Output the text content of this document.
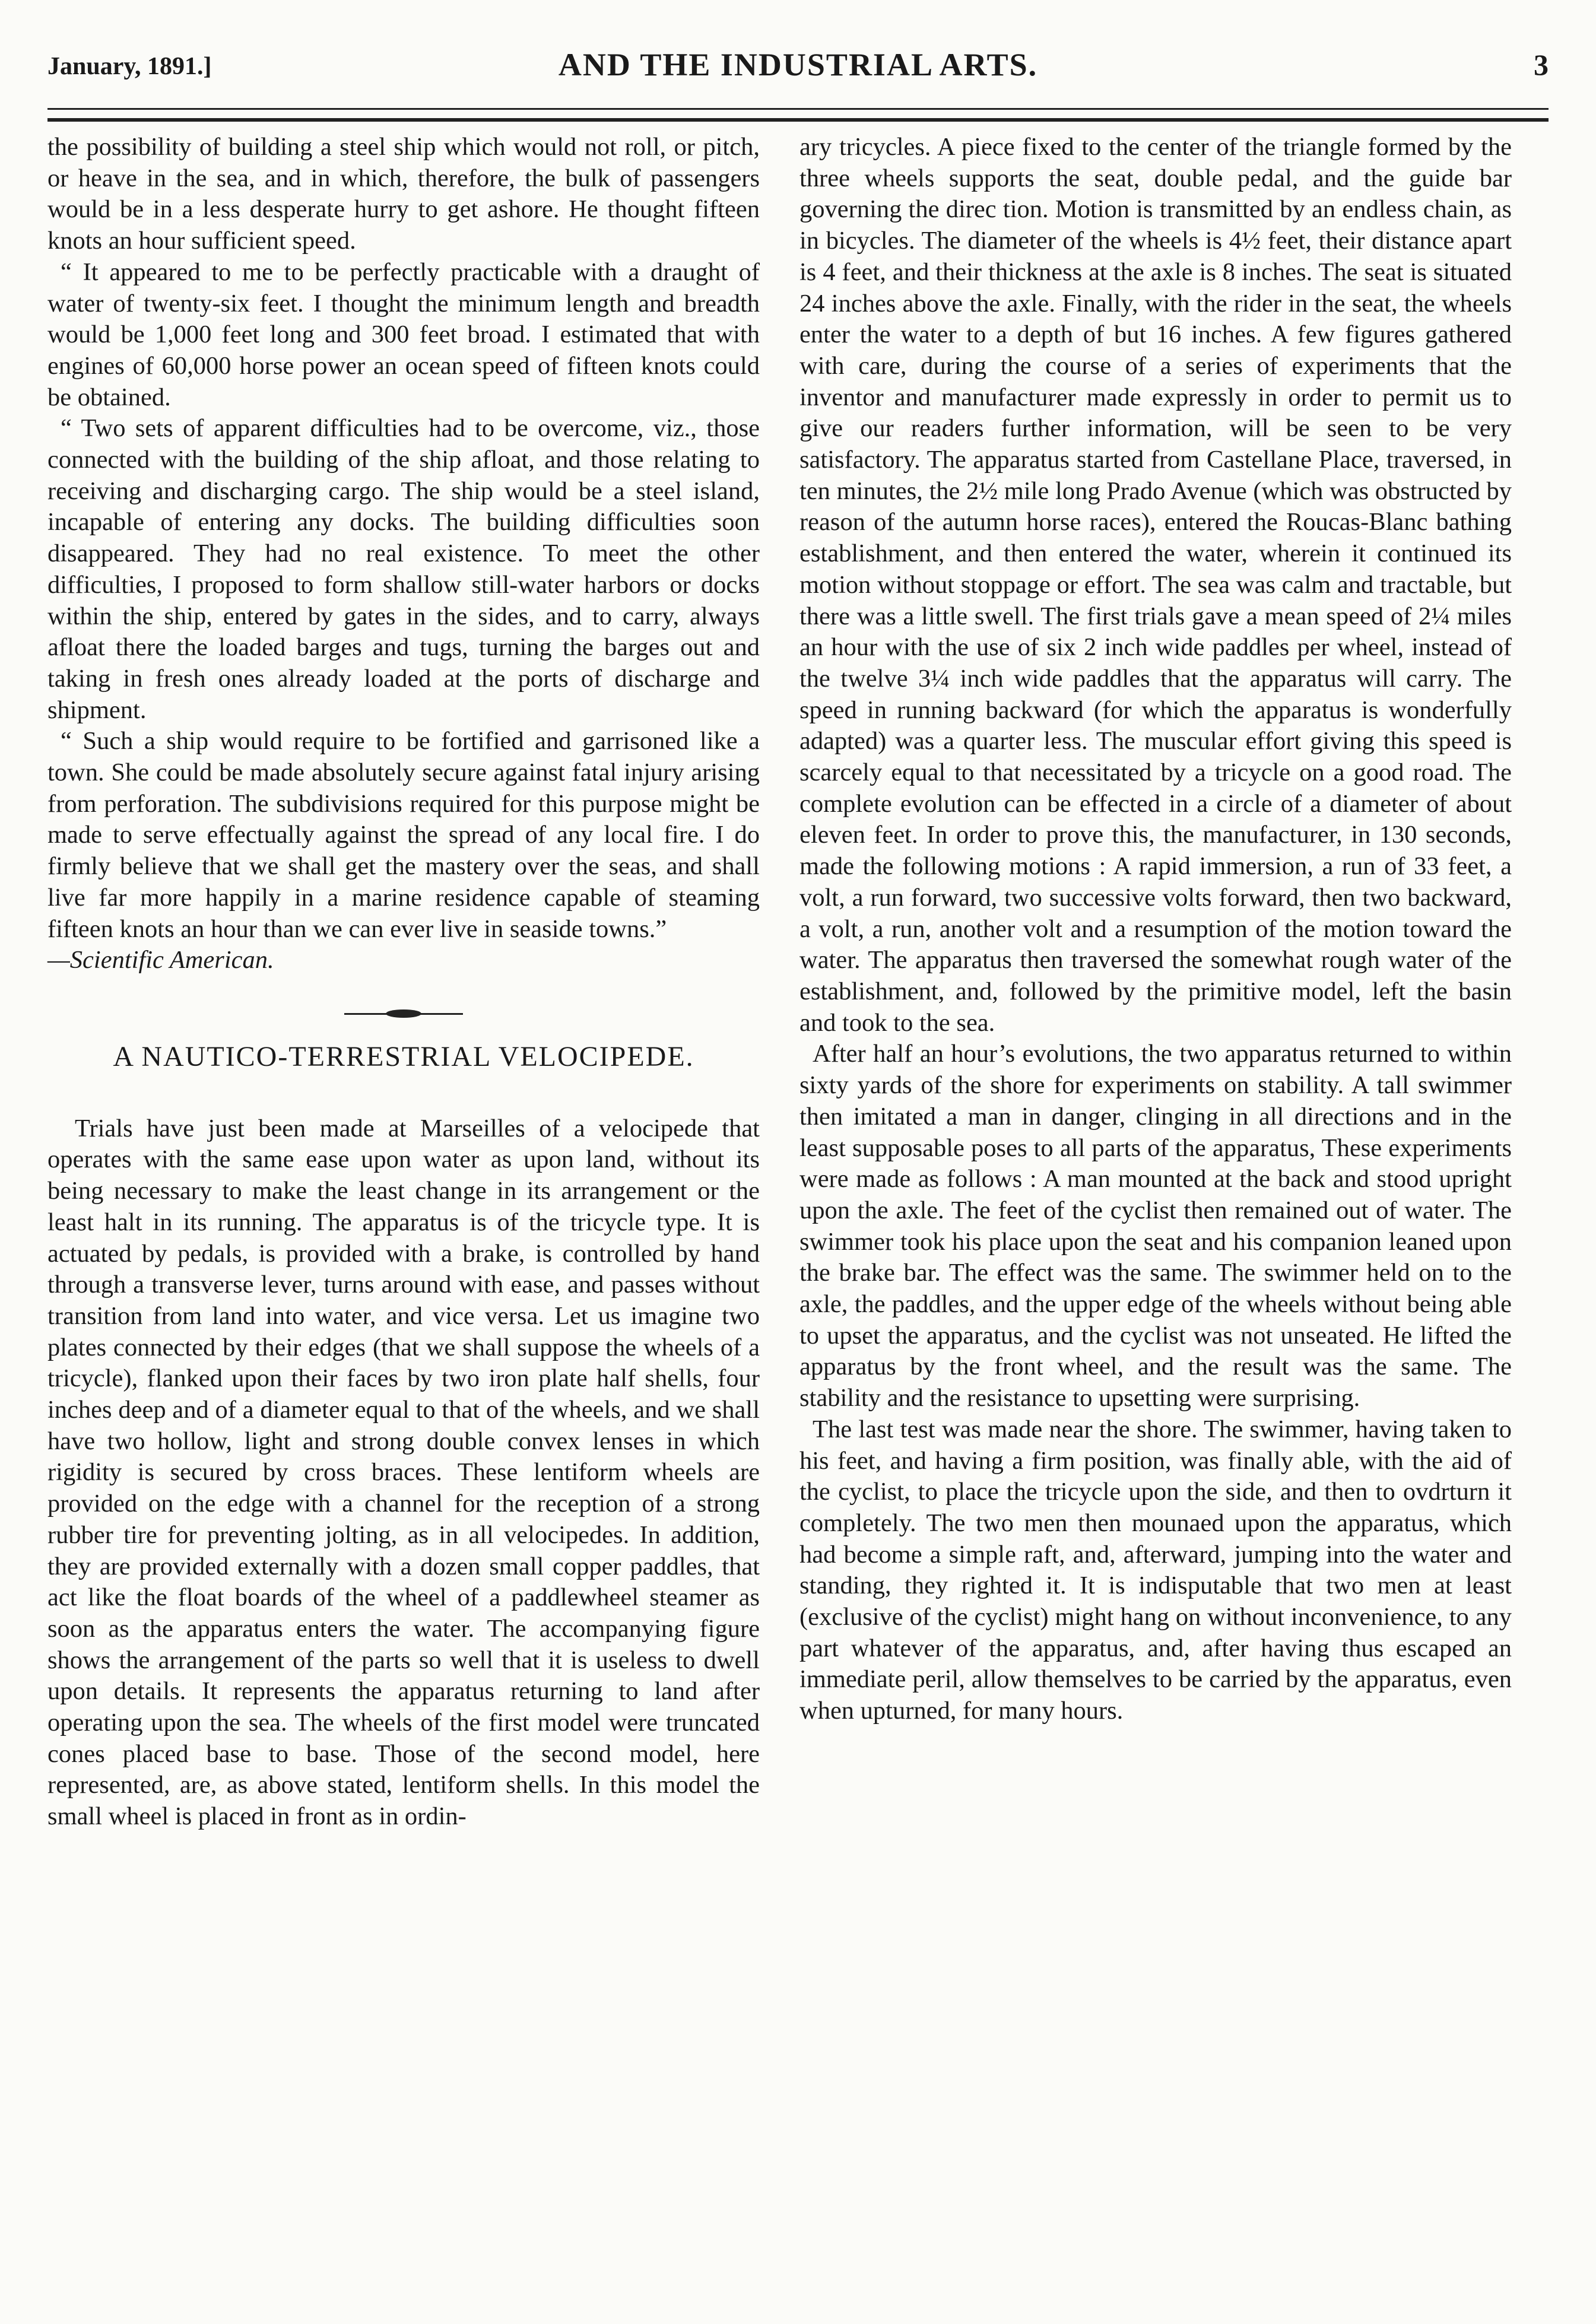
January, 1891.]	AND THE INDUSTRIAL ARTS.	3

the possibility of building a steel ship which would not roll, or pitch, or heave in the sea, and in which, therefore, the bulk of passengers would be in a less desperate hurry to get ashore. He thought fifteen knots an hour sufficient speed.

“ It appeared to me to be perfectly practicable with a draught of water of twenty-six feet. I thought the minimum length and breadth would be 1,000 feet long and 300 feet broad. I estimated that with engines of 60,000 horse power an ocean speed of fifteen knots could be obtained.

“ Two sets of apparent difficulties had to be overcome, viz., those connected with the building of the ship afloat, and those relating to receiving and discharging cargo. The ship would be a steel island, incapable of entering any docks. The building difficulties soon disappeared. They had no real existence. To meet the other difficulties, I proposed to form shallow still-water harbors or docks within the ship, entered by gates in the sides, and to carry, always afloat there the loaded barges and tugs, turning the barges out and taking in fresh ones already loaded at the ports of discharge and shipment.

“ Such a ship would require to be fortified and garrisoned like a town. She could be made absolutely secure against fatal injury arising from perforation. The subdivisions required for this purpose might be made to serve effectually against the spread of any local fire. I do firmly believe that we shall get the mastery over the seas, and shall live far more happily in a marine residence capable of steaming fifteen knots an hour than we can ever live in seaside towns.”

—Scientific American.

A NAUTICO-TERRESTRIAL VELOCIPEDE.

Trials have just been made at Marseilles of a velocipede that operates with the same ease upon water as upon land, without its being necessary to make the least change in its arrangement or the least halt in its running. The apparatus is of the tricycle type. It is actuated by pedals, is provided with a brake, is controlled by hand through a transverse lever, turns around with ease, and passes without transition from land into water, and vice versa. Let us imagine two plates connected by their edges (that we shall suppose the wheels of a tricycle), flanked upon their faces by two iron plate half shells, four inches deep and of a diameter equal to that of the wheels, and we shall have two hollow, light and strong double convex lenses in which rigidity is secured by cross braces. These lentiform wheels are provided on the edge with a channel for the reception of a strong rubber tire for preventing jolting, as in all velocipedes. In addition, they are provided externally with a dozen small copper paddles, that act like the float boards of the wheel of a paddlewheel steamer as soon as the apparatus enters the water. The accompanying figure shows the arrangement of the parts so well that it is useless to dwell upon details. It represents the apparatus returning to land after operating upon the sea. The wheels of the first model were truncated cones placed base to base. Those of the second model, here represented, are, as above stated, lentiform shells. In this model the small wheel is placed in front as in ordin-

ary tricycles. A piece fixed to the center of the triangle formed by the three wheels supports the seat, double pedal, and the guide bar governing the direc tion. Motion is transmitted by an endless chain, as in bicycles. The diameter of the wheels is 4½ feet, their distance apart is 4 feet, and their thickness at the axle is 8 inches. The seat is situated 24 inches above the axle. Finally, with the rider in the seat, the wheels enter the water to a depth of but 16 inches. A few figures gathered with care, during the course of a series of experiments that the inventor and manufacturer made expressly in order to permit us to give our readers further information, will be seen to be very satisfactory. The apparatus started from Castellane Place, traversed, in ten minutes, the 2½ mile long Prado Avenue (which was obstructed by reason of the autumn horse races), entered the Roucas-Blanc bathing establishment, and then entered the water, wherein it continued its motion without stoppage or effort. The sea was calm and tractable, but there was a little swell. The first trials gave a mean speed of 2¼ miles an hour with the use of six 2 inch wide paddles per wheel, instead of the twelve 3¼ inch wide paddles that the apparatus will carry. The speed in running backward (for which the apparatus is wonderfully adapted) was a quarter less. The muscular effort giving this speed is scarcely equal to that necessitated by a tricycle on a good road. The complete evolution can be effected in a circle of a diameter of about eleven feet. In order to prove this, the manufacturer, in 130 seconds, made the following motions : A rapid immersion, a run of 33 feet, a volt, a run forward, two successive volts forward, then two backward, a volt, a run, another volt and a resumption of the motion toward the water. The apparatus then traversed the somewhat rough water of the establishment, and, followed by the primitive model, left the basin and took to the sea.

After half an hour’s evolutions, the two apparatus returned to within sixty yards of the shore for experiments on stability. A tall swimmer then imitated a man in danger, clinging in all directions and in the least supposable poses to all parts of the apparatus, These experiments were made as follows : A man mounted at the back and stood upright upon the axle. The feet of the cyclist then remained out of water. The swimmer took his place upon the seat and his companion leaned upon the brake bar. The effect was the same. The swimmer held on to the axle, the paddles, and the upper edge of the wheels without being able to upset the apparatus, and the cyclist was not unseated. He lifted the apparatus by the front wheel, and the result was the same. The stability and the resistance to upsetting were surprising.

The last test was made near the shore. The swimmer, having taken to his feet, and having a firm position, was finally able, with the aid of the cyclist, to place the tricycle upon the side, and then to ovdrturn it completely. The two men then mounaed upon the apparatus, which had become a simple raft, and, afterward, jumping into the water and standing, they righted it. It is indisputable that two men at least (exclusive of the cyclist) might hang on without inconvenience, to any part whatever of the apparatus, and, after having thus escaped an immediate peril, allow themselves to be carried by the apparatus, even when upturned, for many hours.
